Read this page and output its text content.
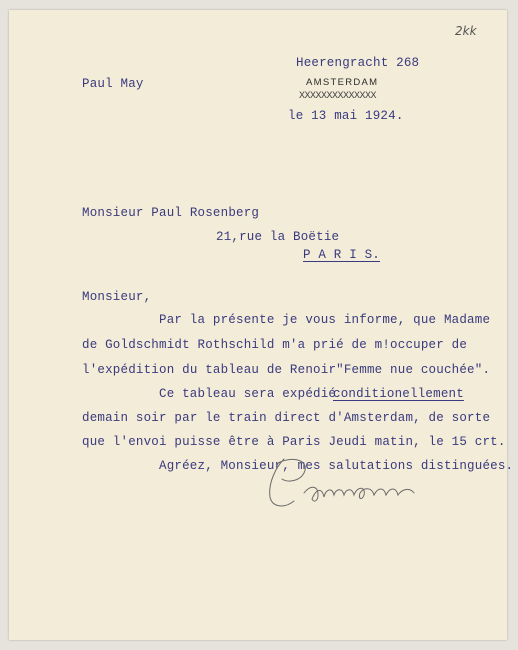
2kk
Heerengracht 268
Paul May	AMSTERDAM
XXXXXXXXXXXXXX
le 13 mai 1924.
Monsieur Paul Rosenberg
21,rue la Boëtie
P A R I S.
Monsieur,
Par la présente je vous informe, que Madame
de Goldschmidt Rothschild m'a prié de m!occuper de
l'expédition du tableau de Renoir"Femme nue couchée".
Ce tableau sera expédié
conditionellement
demain soir par le train direct d'Amsterdam, de sorte
que l'envoi puisse être à Paris Jeudi matin, le 15 crt.
Agréez, Monsieur, mes salutations distinguées.
